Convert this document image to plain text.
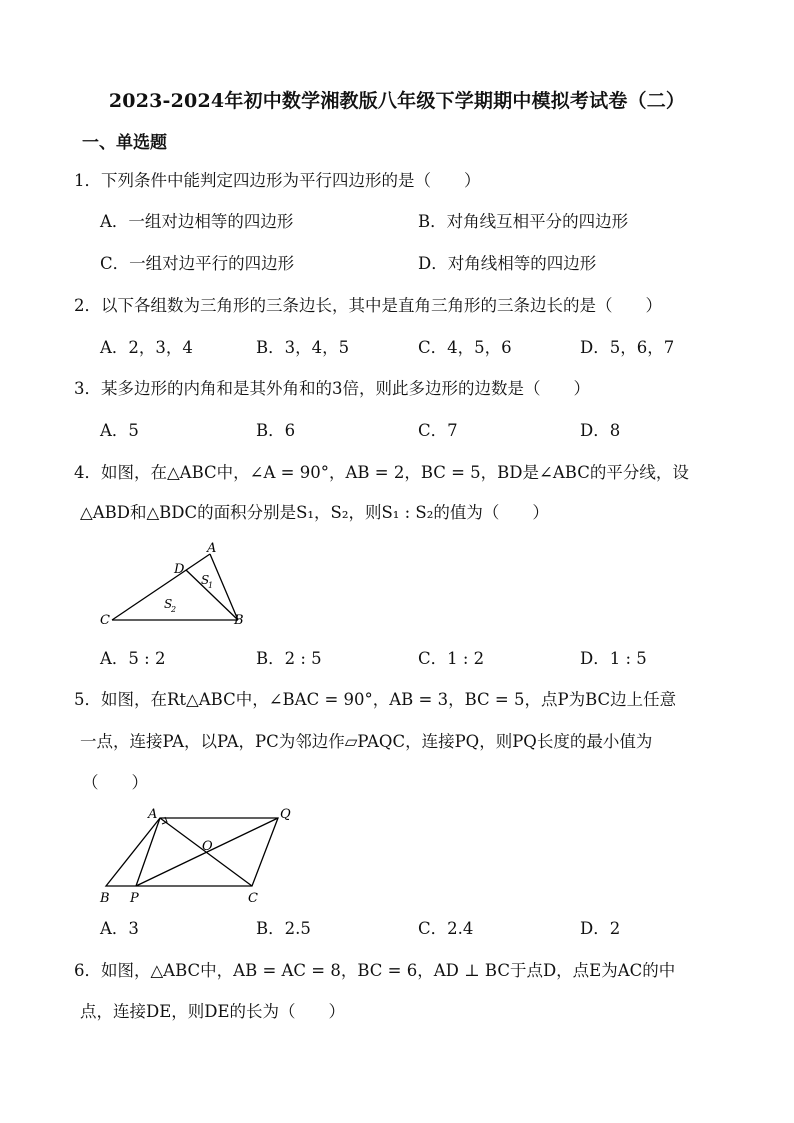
2023-2024年初中数学湘教版八年级下学期期中模拟考试卷（二）
一、单选题
1．下列条件中能判定四边形为平行四边形的是（　　）
A．一组对边相等的四边形	B．对角线互相平分的四边形
C．一组对边平行的四边形	D．对角线相等的四边形
2．以下各组数为三角形的三条边长，其中是直角三角形的三条边长的是（　　）
A．2，3，4	B．3，4，5	C．4，5，6	D．5，6，7
3．某多边形的内角和是其外角和的3倍，则此多边形的边数是（　　）
A．5	B．6	C．7	D．8
4．如图，在△ABC中，∠A = 90°，AB = 2，BC = 5，BD是∠ABC的平分线，设
△ABD和△BDC的面积分别是S₁，S₂，则S₁ : S₂的值为（　　）
A
D
C	B
S
1
S
2
A．5 : 2	B．2 : 5	C．1 : 2	D．1 : 5
5．如图，在Rt△ABC中，∠BAC = 90°，AB = 3，BC = 5，点P为BC边上任意
一点，连接PA，以PA，PC为邻边作▱PAQC，连接PQ，则PQ长度的最小值为
（　　）
A	Q
O
B P	C
A．3	B．2.5	C．2.4	D．2
6．如图，△ABC中，AB = AC = 8，BC = 6，AD ⊥ BC于点D，点E为AC的中
点，连接DE，则DE的长为（　　）
